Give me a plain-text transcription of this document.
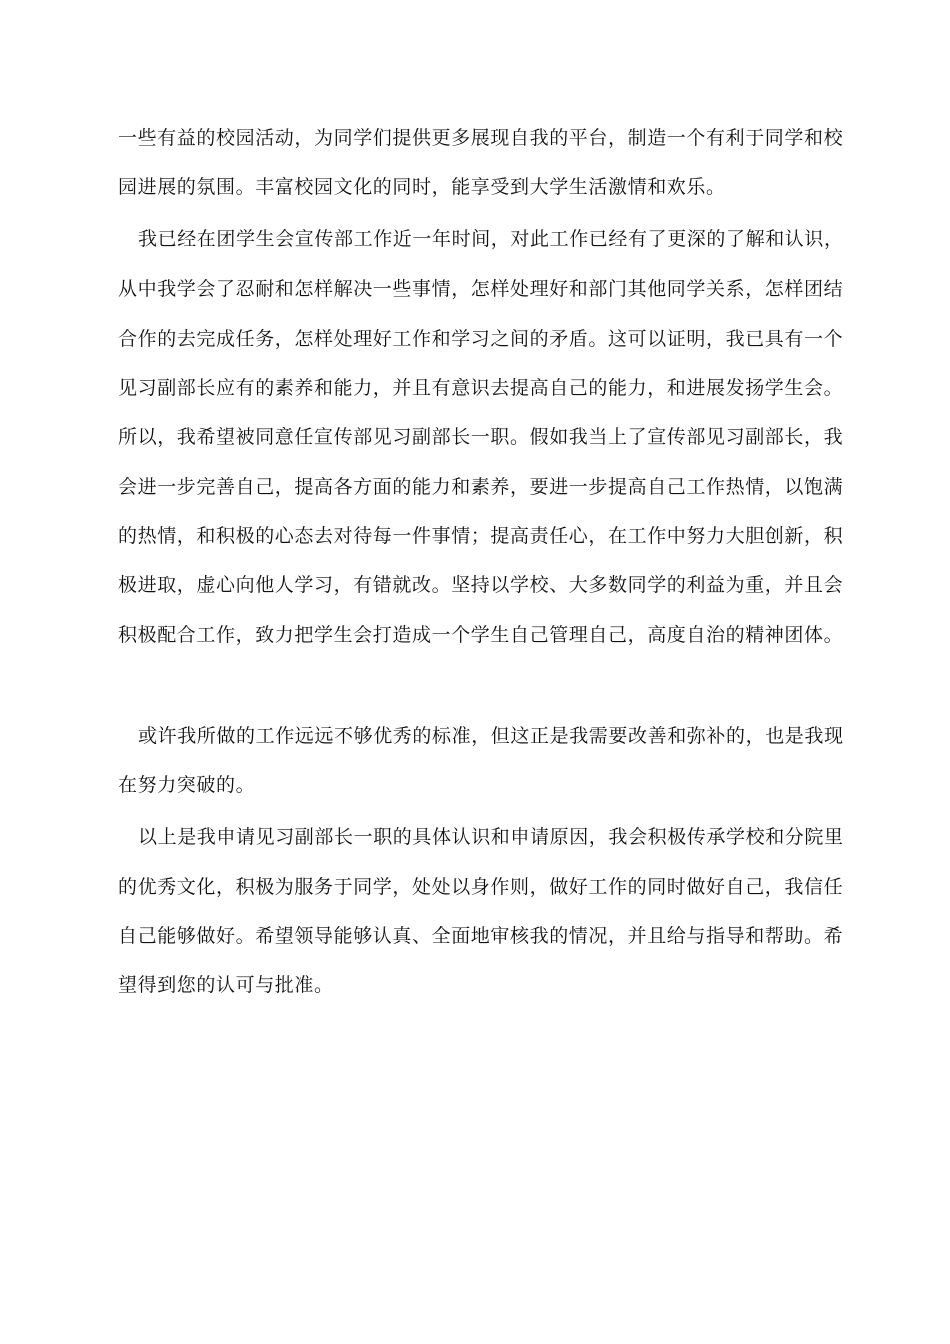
一些有益的校园活动，为同学们提供更多展现自我的平台，制造一个有利于同学和校
园进展的氛围。丰富校园文化的同时，能享受到大学生活激情和欢乐。
我已经在团学生会宣传部工作近一年时间，对此工作已经有了更深的了解和认识，
从中我学会了忍耐和怎样解决一些事情，怎样处理好和部门其他同学关系，怎样团结
合作的去完成任务，怎样处理好工作和学习之间的矛盾。这可以证明，我已具有一个
见习副部长应有的素养和能力，并且有意识去提高自己的能力，和进展发扬学生会。
所以，我希望被同意任宣传部见习副部长一职。假如我当上了宣传部见习副部长，我
会进一步完善自己，提高各方面的能力和素养，要进一步提高自己工作热情，以饱满
的热情，和积极的心态去对待每一件事情；提高责任心，在工作中努力大胆创新，积
极进取，虚心向他人学习，有错就改。坚持以学校、大多数同学的利益为重，并且会
积极配合工作，致力把学生会打造成一个学生自己管理自己，高度自治的精神团体。
或许我所做的工作远远不够优秀的标准，但这正是我需要改善和弥补的，也是我现
在努力突破的。
以上是我申请见习副部长一职的具体认识和申请原因，我会积极传承学校和分院里
的优秀文化，积极为服务于同学，处处以身作则，做好工作的同时做好自己，我信任
自己能够做好。希望领导能够认真、全面地审核我的情况，并且给与指导和帮助。希
望得到您的认可与批准。
